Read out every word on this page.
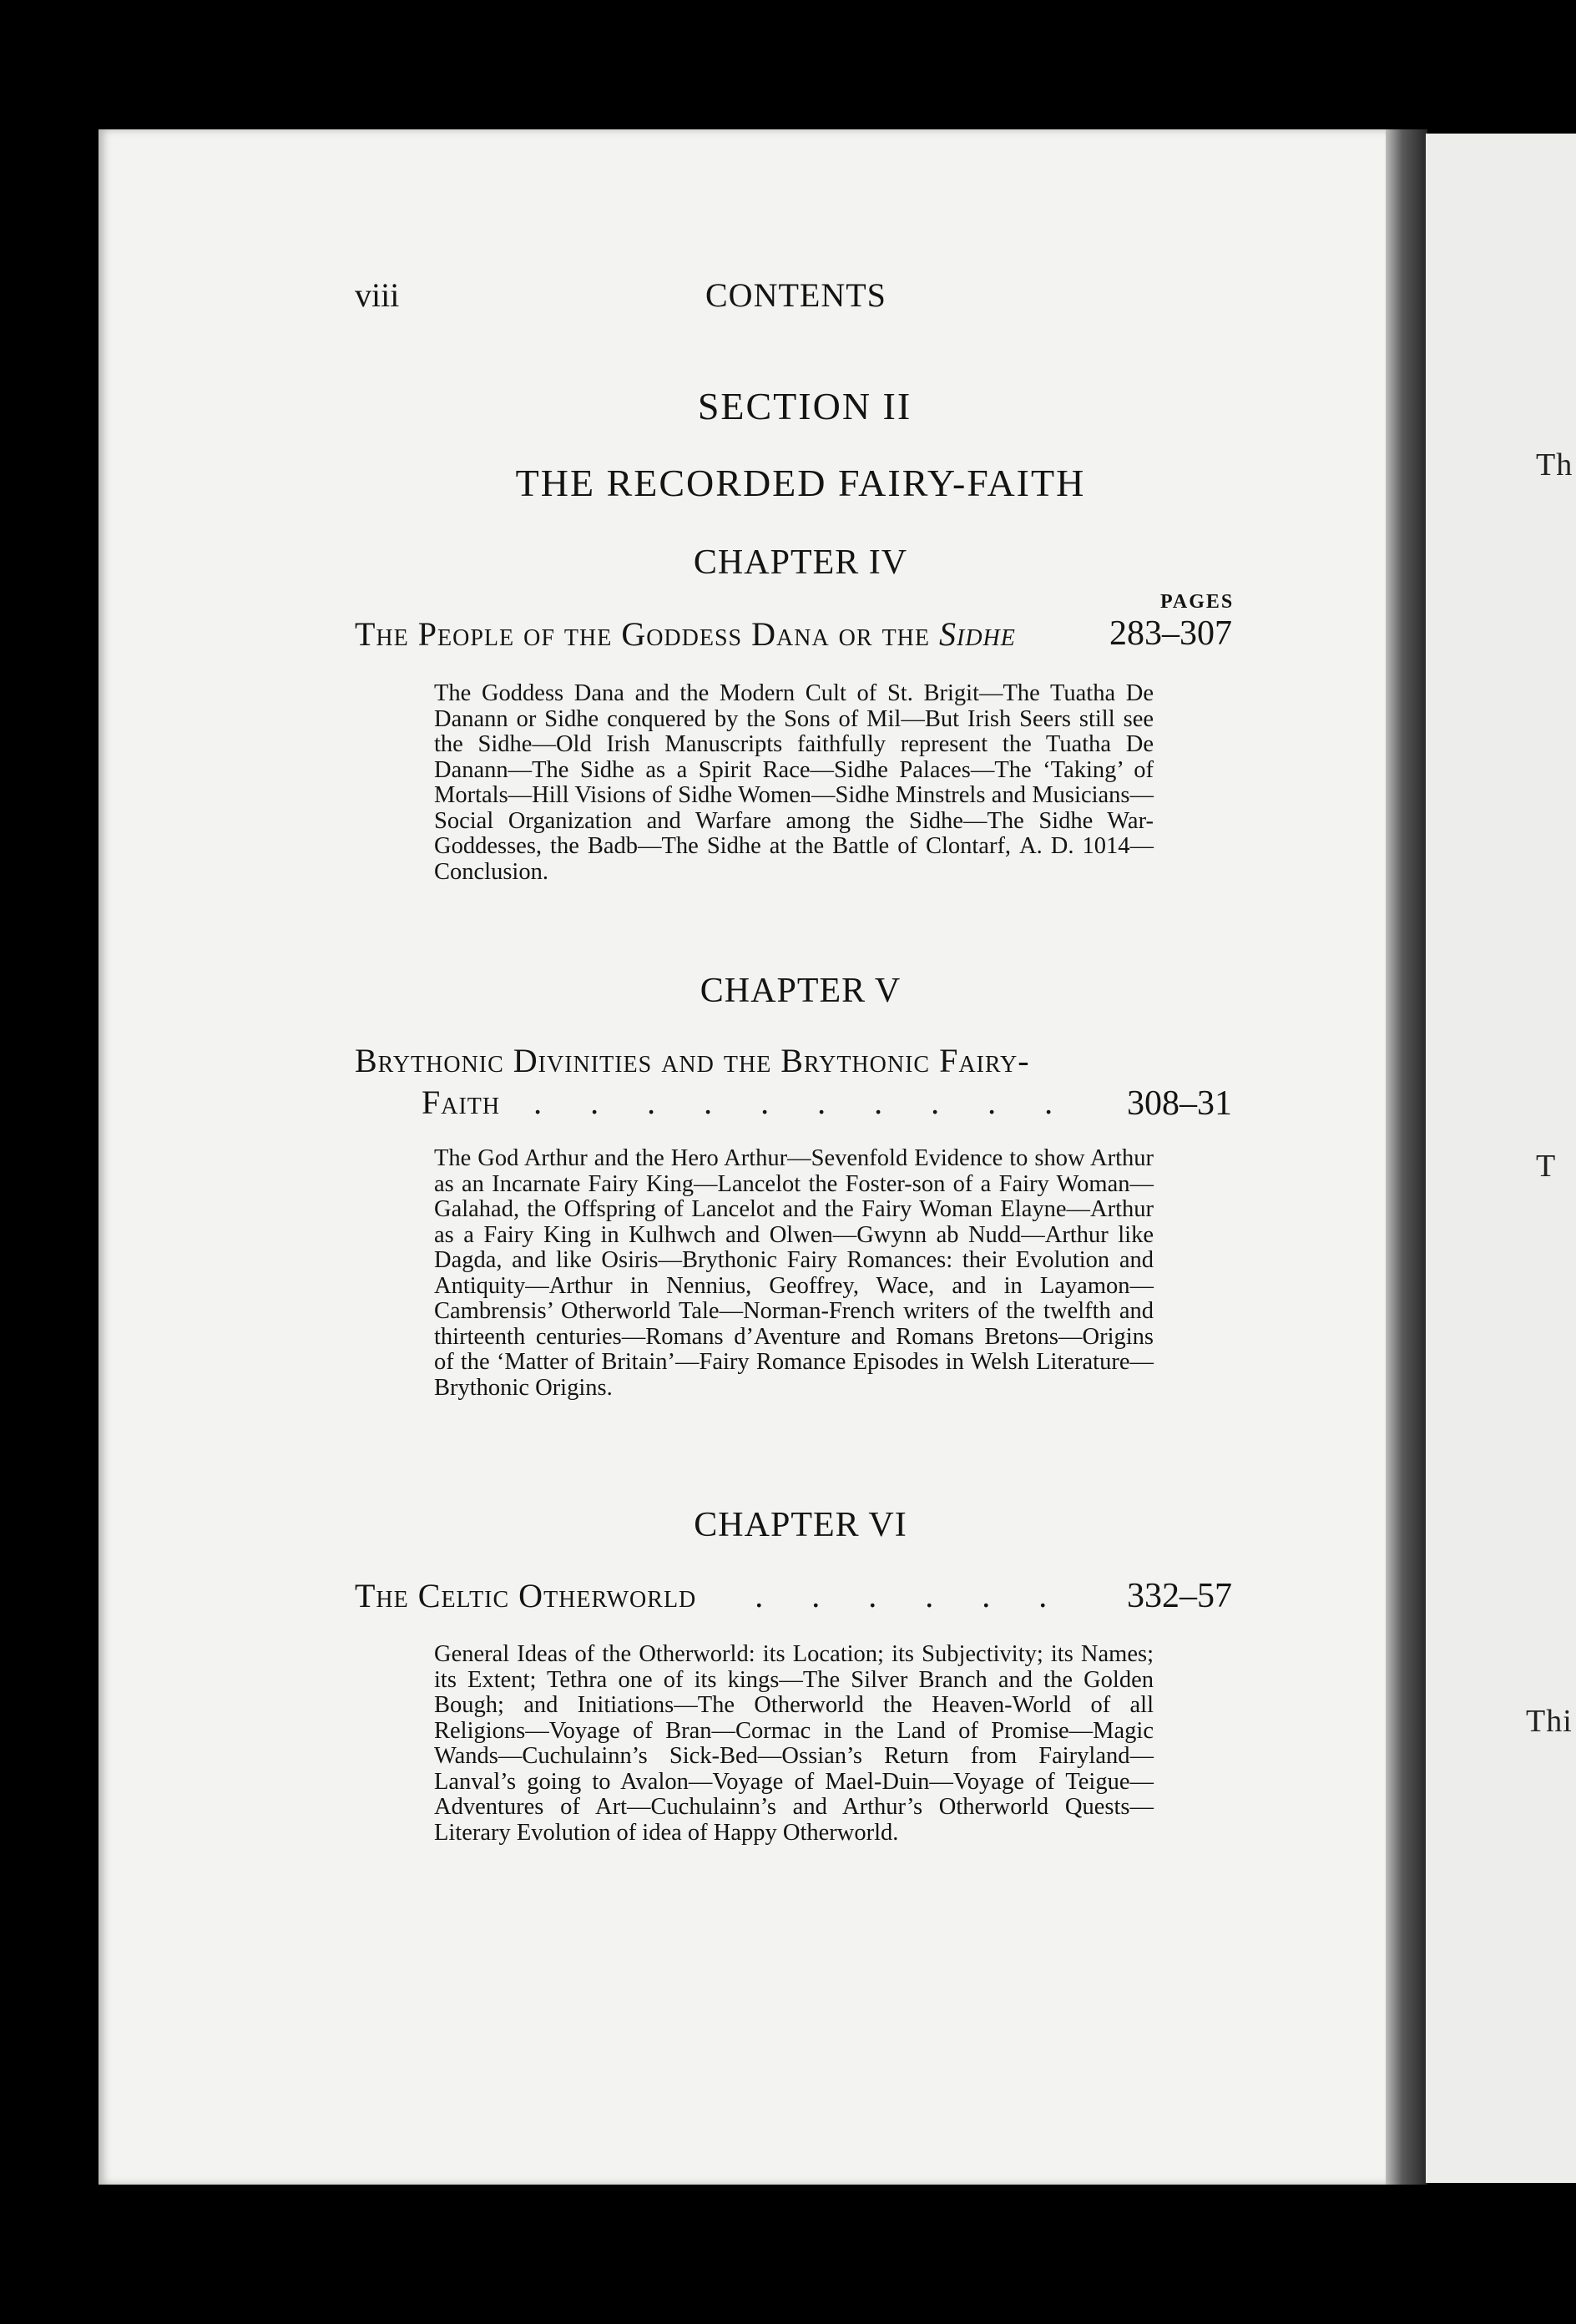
Th
T
Thi
viii	CONTENTS
SECTION II
THE RECORDED FAIRY-FAITH
CHAPTER IV
PAGES
The People of the Goddess Dana or the Sidhe	283–307

The Goddess Dana and the Modern Cult of St. Brigit—The Tuatha De Danann or Sidhe conquered by the Sons of Mil—But Irish Seers still see the Sidhe—Old Irish Manuscripts faithfully represent the Tuatha De Danann—The Sidhe as a Spirit Race—Sidhe Palaces—The ‘Taking’ of Mortals—Hill Visions of Sidhe Women—Sidhe Minstrels and Musicians—Social Organization and Warfare among the Sidhe—The Sidhe War-Goddesses, the Badb—The Sidhe at the Battle of Clontarf, A. D. 1014—Conclusion.

CHAPTER V
Brythonic Divinities and the Brythonic Fairy-
Faith . . . . . . . . . . 308–31

The God Arthur and the Hero Arthur—Sevenfold Evidence to show Arthur as an Incarnate Fairy King—Lancelot the Foster-son of a Fairy Woman—Galahad, the Offspring of Lancelot and the Fairy Woman Elayne—Arthur as a Fairy King in Kulhwch and Olwen—Gwynn ab Nudd—Arthur like Dagda, and like Osiris—Brythonic Fairy Romances: their Evolution and Antiquity—Arthur in Nennius, Geoffrey, Wace, and in Layamon—Cambrensis’ Otherworld Tale—Norman-French writers of the twelfth and thirteenth centuries—Romans d’Aventure and Romans Bretons—Origins of the ‘Matter of Britain’—Fairy Romance Episodes in Welsh Literature—Brythonic Origins.

CHAPTER VI
The Celtic Otherworld . . . . . . 332–57

General Ideas of the Otherworld: its Location; its Subjectivity; its Names; its Extent; Tethra one of its kings—The Silver Branch and the Golden Bough; and Initiations—The Otherworld the Heaven-World of all Religions—Voyage of Bran—Cormac in the Land of Promise—Magic Wands—Cuchulainn’s Sick-Bed—Ossian’s Return from Fairyland—Lanval’s going to Avalon—Voyage of Mael-Duin—Voyage of Teigue—Adventures of Art—Cuchulainn’s and Arthur’s Otherworld Quests—Literary Evolution of idea of Happy Otherworld.
